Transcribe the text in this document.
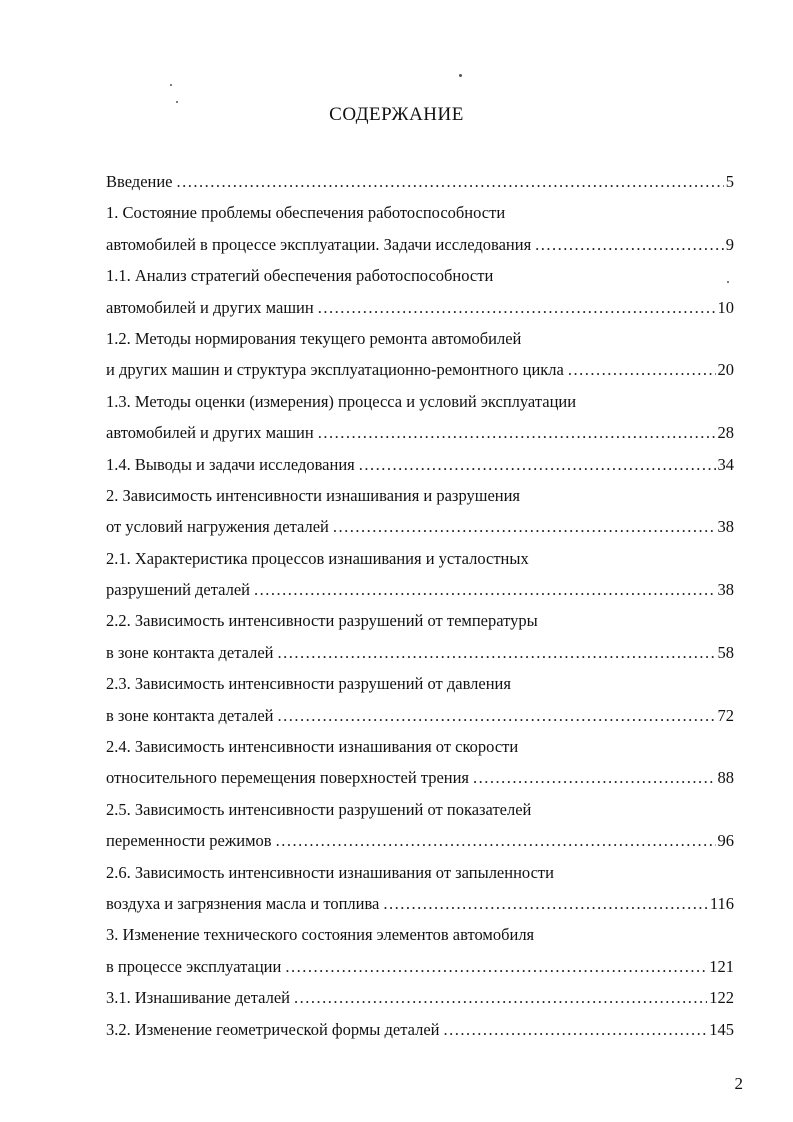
СОДЕРЖАНИЕ
Введение .....	5
1. Состояние проблемы обеспечения работоспособности
автомобилей в процессе эксплуатации. Задачи исследования .....	9
1.1. Анализ стратегий обеспечения работоспособности
автомобилей и других машин .....	10
1.2. Методы нормирования текущего ремонта автомобилей
и других машин и структура эксплуатационно-ремонтного цикла .....	20
1.3. Методы оценки (измерения) процесса и условий эксплуатации
автомобилей и других машин .....	28
1.4. Выводы и задачи исследования .....	34
2. Зависимость интенсивности изнашивания и разрушения
от условий нагружения деталей .....	38
2.1. Характеристика процессов изнашивания и усталостных
разрушений деталей .....	38
2.2. Зависимость интенсивности разрушений от температуры
в зоне контакта деталей .....	58
2.3. Зависимость интенсивности разрушений от давления
в зоне контакта деталей .....	72
2.4. Зависимость интенсивности изнашивания от скорости
относительного перемещения поверхностей трения .....	88
2.5. Зависимость интенсивности разрушений от показателей
переменности режимов .....	96
2.6. Зависимость интенсивности изнашивания от запыленности
воздуха и загрязнения масла и топлива .....	116
3. Изменение технического состояния элементов автомобиля
в процессе эксплуатации .....	121
3.1. Изнашивание деталей .....	122
3.2. Изменение геометрической формы деталей .....	145
2
